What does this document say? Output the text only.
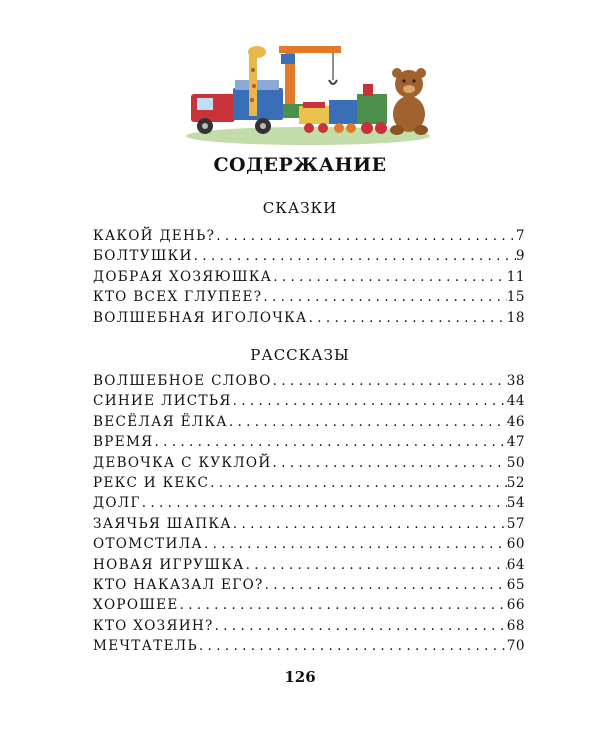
СОДЕРЖАНИЕ
СКАЗКИ
КАКОЙ ДЕНЬ? . . .	7
БОЛТУШКИ . . .	9
ДОБРАЯ ХОЗЯЮШКА . . .	11
КТО ВСЕХ ГЛУПЕЕ? . . .	15
ВОЛШЕБНАЯ ИГОЛОЧКА . . .	18
РАССКАЗЫ
ВОЛШЕБНОЕ СЛОВО . . .	38
СИНИЕ ЛИСТЬЯ . . .	44
ВЕСЁЛАЯ ЁЛКА . . .	46
ВРЕМЯ . . .	47
ДЕВОЧКА С КУКЛОЙ . . .	50
РЕКС И КЕКС . . .	52
ДОЛГ . . .	54
ЗАЯЧЬЯ ШАПКА . . .	57
ОТОМСТИЛА . . .	60
НОВАЯ ИГРУШКА . . .	64
КТО НАКАЗАЛ ЕГО? . . .	65
ХОРОШЕЕ . . .	66
КТО ХОЗЯИН? . . .	68
МЕЧТАТЕЛЬ . . .	70
126
